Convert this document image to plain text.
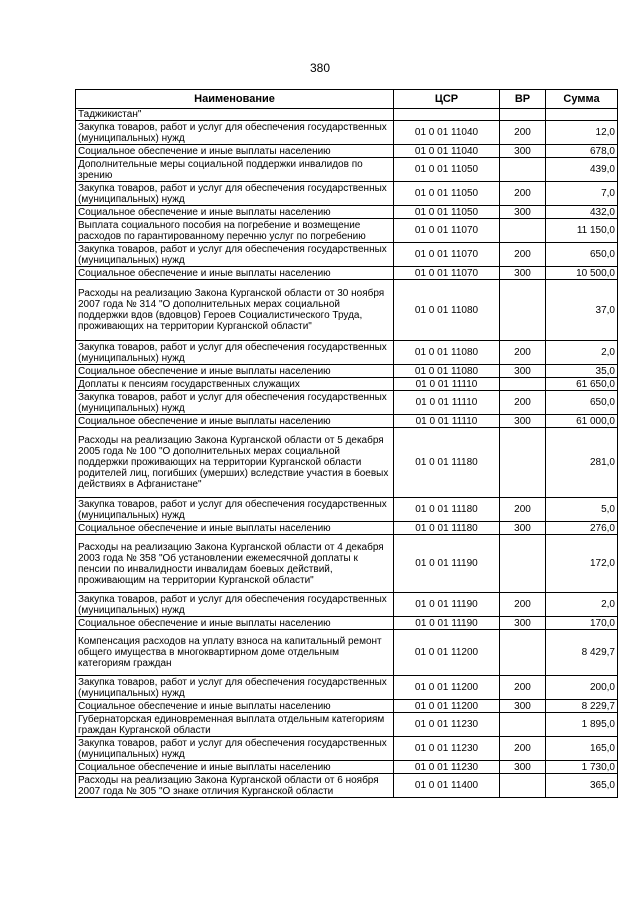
380
Наименование	ЦСР	ВР	Сумма
Таджикистан"			
Закупка товаров, работ и услуг для обеспечения государственных (муниципальных) нужд	01 0 01 11040	200	12,0
Социальное обеспечение и иные выплаты населению	01 0 01 11040	300	678,0
Дополнительные меры социальной поддержки инвалидов по зрению	01 0 01 11050		439,0
Закупка товаров, работ и услуг для обеспечения государственных (муниципальных) нужд	01 0 01 11050	200	7,0
Социальное обеспечение и иные выплаты населению	01 0 01 11050	300	432,0
Выплата социального пособия на погребение и возмещение расходов по гарантированному перечню услуг по погребению	01 0 01 11070		11 150,0
Закупка товаров, работ и услуг для обеспечения государственных (муниципальных) нужд	01 0 01 11070	200	650,0
Социальное обеспечение и иные выплаты населению	01 0 01 11070	300	10 500,0
Расходы на реализацию Закона Курганской области от 30 ноября 2007 года № 314 "О дополнительных мерах социальной поддержки вдов (вдовцов) Героев Социалистического Труда, проживающих на территории Курганской области"	01 0 01 11080		37,0
Закупка товаров, работ и услуг для обеспечения государственных (муниципальных) нужд	01 0 01 11080	200	2,0
Социальное обеспечение и иные выплаты населению	01 0 01 11080	300	35,0
Доплаты к пенсиям государственных служащих	01 0 01 11110		61 650,0
Закупка товаров, работ и услуг для обеспечения государственных (муниципальных) нужд	01 0 01 11110	200	650,0
Социальное обеспечение и иные выплаты населению	01 0 01 11110	300	61 000,0
Расходы на реализацию Закона Курганской области от 5 декабря 2005 года № 100 "О дополнительных мерах социальной поддержки проживающих на территории Курганской области родителей лиц, погибших (умерших) вследствие участия в боевых действиях в Афганистане"	01 0 01 11180		281,0
Закупка товаров, работ и услуг для обеспечения государственных (муниципальных) нужд	01 0 01 11180	200	5,0
Социальное обеспечение и иные выплаты населению	01 0 01 11180	300	276,0
Расходы на реализацию Закона Курганской области от 4 декабря 2003 года № 358 "Об установлении ежемесячной доплаты к пенсии по инвалидности инвалидам боевых действий, проживающим на территории Курганской области"	01 0 01 11190		172,0
Закупка товаров, работ и услуг для обеспечения государственных (муниципальных) нужд	01 0 01 11190	200	2,0
Социальное обеспечение и иные выплаты населению	01 0 01 11190	300	170,0
Компенсация расходов на уплату взноса на капитальный ремонт общего имущества в многоквартирном доме отдельным категориям граждан	01 0 01 11200		8 429,7
Закупка товаров, работ и услуг для обеспечения государственных (муниципальных) нужд	01 0 01 11200	200	200,0
Социальное обеспечение и иные выплаты населению	01 0 01 11200	300	8 229,7
Губернаторская единовременная выплата отдельным категориям граждан Курганской области	01 0 01 11230		1 895,0
Закупка товаров, работ и услуг для обеспечения государственных (муниципальных) нужд	01 0 01 11230	200	165,0
Социальное обеспечение и иные выплаты населению	01 0 01 11230	300	1 730,0
Расходы на реализацию Закона Курганской области от 6 ноября 2007 года № 305 "О знаке отличия Курганской области	01 0 01 11400		365,0
